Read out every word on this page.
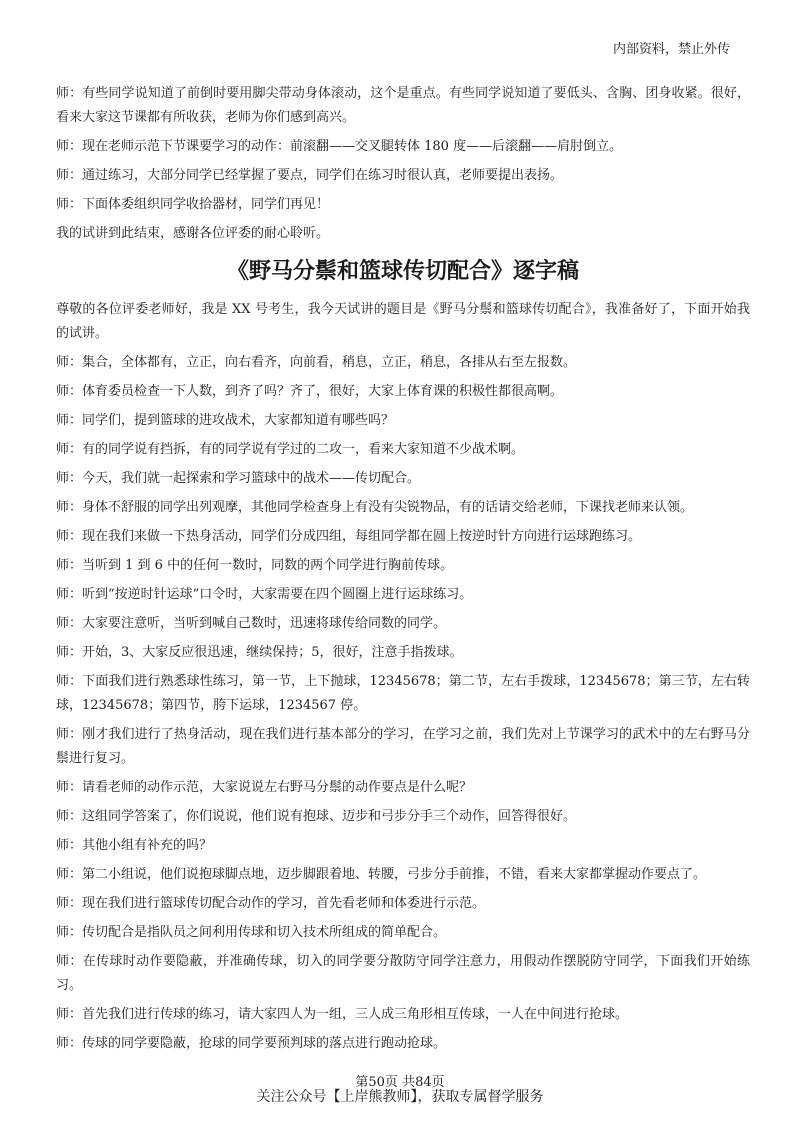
内部资料，禁止外传

师：有些同学说知道了前倒时要用脚尖带动身体滚动，这个是重点。有些同学说知道了要低头、含胸、团身收紧。很好，看来大家这节课都有所收获，老师为你们感到高兴。

师：现在老师示范下节课要学习的动作：前滚翻——交叉腿转体 180 度——后滚翻——肩肘倒立。

师：通过练习，大部分同学已经掌握了要点，同学们在练习时很认真，老师要提出表扬。

师：下面体委组织同学收拾器材，同学们再见！

我的试讲到此结束，感谢各位评委的耐心聆听。

《野马分鬃和篮球传切配合》逐字稿

尊敬的各位评委老师好，我是 XX 号考生，我今天试讲的题目是《野马分鬃和篮球传切配合》，我准备好了，下面开始我的试讲。

师：集合，全体都有，立正，向右看齐，向前看，稍息，立正，稍息，各排从右至左报数。

师：体育委员检查一下人数，到齐了吗？齐了，很好，大家上体育课的积极性都很高啊。

师：同学们，提到篮球的进攻战术，大家都知道有哪些吗？

师：有的同学说有挡拆，有的同学说有学过的二攻一，看来大家知道不少战术啊。

师：今天，我们就一起探索和学习篮球中的战术——传切配合。

师：身体不舒服的同学出列观摩，其他同学检查身上有没有尖锐物品，有的话请交给老师，下课找老师来认领。

师：现在我们来做一下热身活动，同学们分成四组，每组同学都在圆上按逆时针方向进行运球跑练习。

师：当听到 1 到 6 中的任何一数时，同数的两个同学进行胸前传球。

师：听到“按逆时针运球”口令时，大家需要在四个圆圈上进行运球练习。

师：大家要注意听，当听到喊自己数时，迅速将球传给同数的同学。

师：开始，3、大家反应很迅速，继续保持；5，很好，注意手指拨球。

师：下面我们进行熟悉球性练习，第一节，上下抛球，12345678；第二节，左右手拨球，12345678；第三节，左右转球，12345678；第四节，胯下运球，1234567 停。

师：刚才我们进行了热身活动，现在我们进行基本部分的学习，在学习之前，我们先对上节课学习的武术中的左右野马分鬃进行复习。

师：请看老师的动作示范，大家说说左右野马分鬃的动作要点是什么呢？

师：这组同学答案了，你们说说，他们说有抱球、迈步和弓步分手三个动作，回答得很好。

师：其他小组有补充的吗？

师：第二小组说，他们说抱球脚点地，迈步脚跟着地、转腰，弓步分手前推，不错，看来大家都掌握动作要点了。

师：现在我们进行篮球传切配合动作的学习，首先看老师和体委进行示范。

师：传切配合是指队员之间利用传球和切入技术所组成的简单配合。

师：在传球时动作要隐蔽，并准确传球，切入的同学要分散防守同学注意力，用假动作摆脱防守同学，下面我们开始练习。

师：首先我们进行传球的练习，请大家四人为一组，三人成三角形相互传球，一人在中间进行抢球。

师：传球的同学要隐蔽，抢球的同学要预判球的落点进行跑动抢球。

第50页 共84页
关注公众号【上岸熊教师】，获取专属督学服务
